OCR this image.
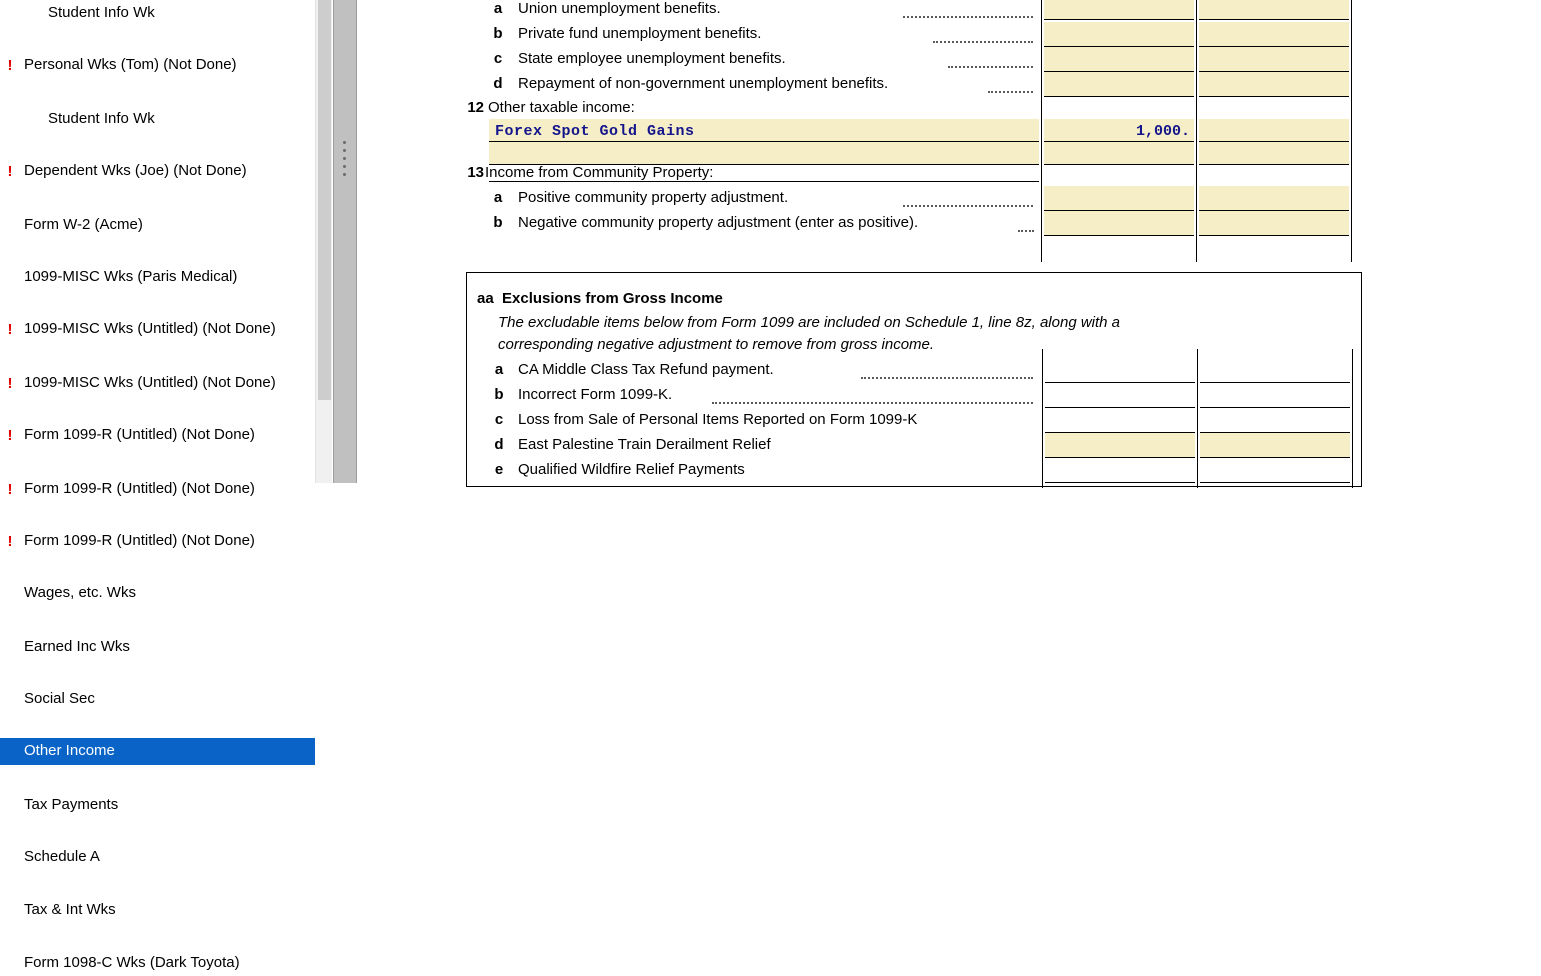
Student Info Wk
! Personal Wks (Tom) (Not Done)
Student Info Wk
! Dependent Wks (Joe) (Not Done)
Form W-2 (Acme)
1099-MISC Wks (Paris Medical)
! 1099-MISC Wks (Untitled) (Not Done)
! 1099-MISC Wks (Untitled) (Not Done)
! Form 1099-R (Untitled) (Not Done)
! Form 1099-R (Untitled) (Not Done)
! Form 1099-R (Untitled) (Not Done)
Wages, etc. Wks
Earned Inc Wks
Social Sec
Other Income
Tax Payments
Schedule A
Tax & Int Wks
Form 1098-C Wks (Dark Toyota)
a Union unemployment benefits.
b Private fund unemployment benefits.
c State employee unemployment benefits.
d Repayment of non-government unemployment benefits.
12 Other taxable income:
Forex Spot Gold Gains	1,000.
13 Income from Community Property:
a Positive community property adjustment.
b Negative community property adjustment (enter as positive).
aa Exclusions from Gross Income
The excludable items below from Form 1099 are included on Schedule 1, line 8z, along with a
corresponding negative adjustment to remove from gross income.
a CA Middle Class Tax Refund payment.
b Incorrect Form 1099-K.
c Loss from Sale of Personal Items Reported on Form 1099-K
d East Palestine Train Derailment Relief
e Qualified Wildfire Relief Payments
